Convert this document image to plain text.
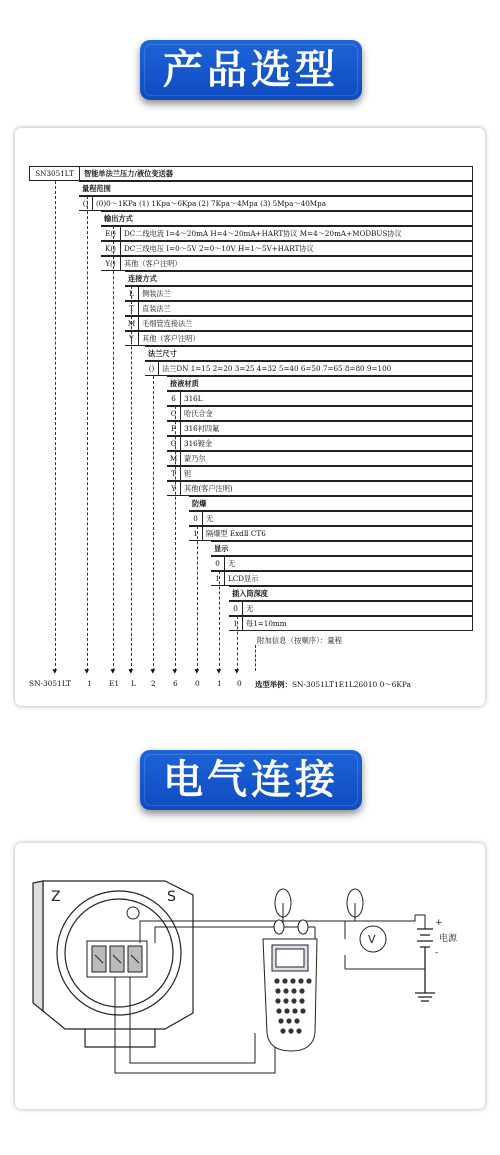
产品选型
SN3051LT	智能单法兰压力/液位变送器
量程范围
()	(0)0～1KPa (1) 1Kpa～6Kpa (2) 7Kpa～4Mpa (3) 5Mpa～40Mpa
输出方式
E()	DC二线电流 I=4～20mA H=4～20mA+HART协议 M=4～20mA+MODBUS协议
K()	DC三线电压 I=0～5V 2=0～10V H=1～5V+HART协议
Y()	其他（客户注明）
连接方式
L	侧装法兰
T	直装法兰
M 毛细管连接法兰
Y	其他（客户注明）
法兰尺寸
()	法兰DN 1=15 2=20 3=25 4=32 5=40 6=50 7=65 8=80 9=100
接液材质
6	316L
C	哈氏合金
F	316衬四氟
G	316镀金
M 蒙乃尔
T	钽
Y	其他(客户注明)
防爆
0	无
1	隔爆型 ExdⅡ CT6
显示
0	无
1	LCD显示
插入筒深度
0	无
1	每1=10mm
▼	▼	▼ ▼	▼	▼	▼	▼ ▼
附加信息（按顺序）：量程
SN-3051LT 1 E1 L 2 6 0 1 0 选型举例：SN-3051LT1E1L26010 0～6KPa
电气连接
Z	S
V
+
-
电源
